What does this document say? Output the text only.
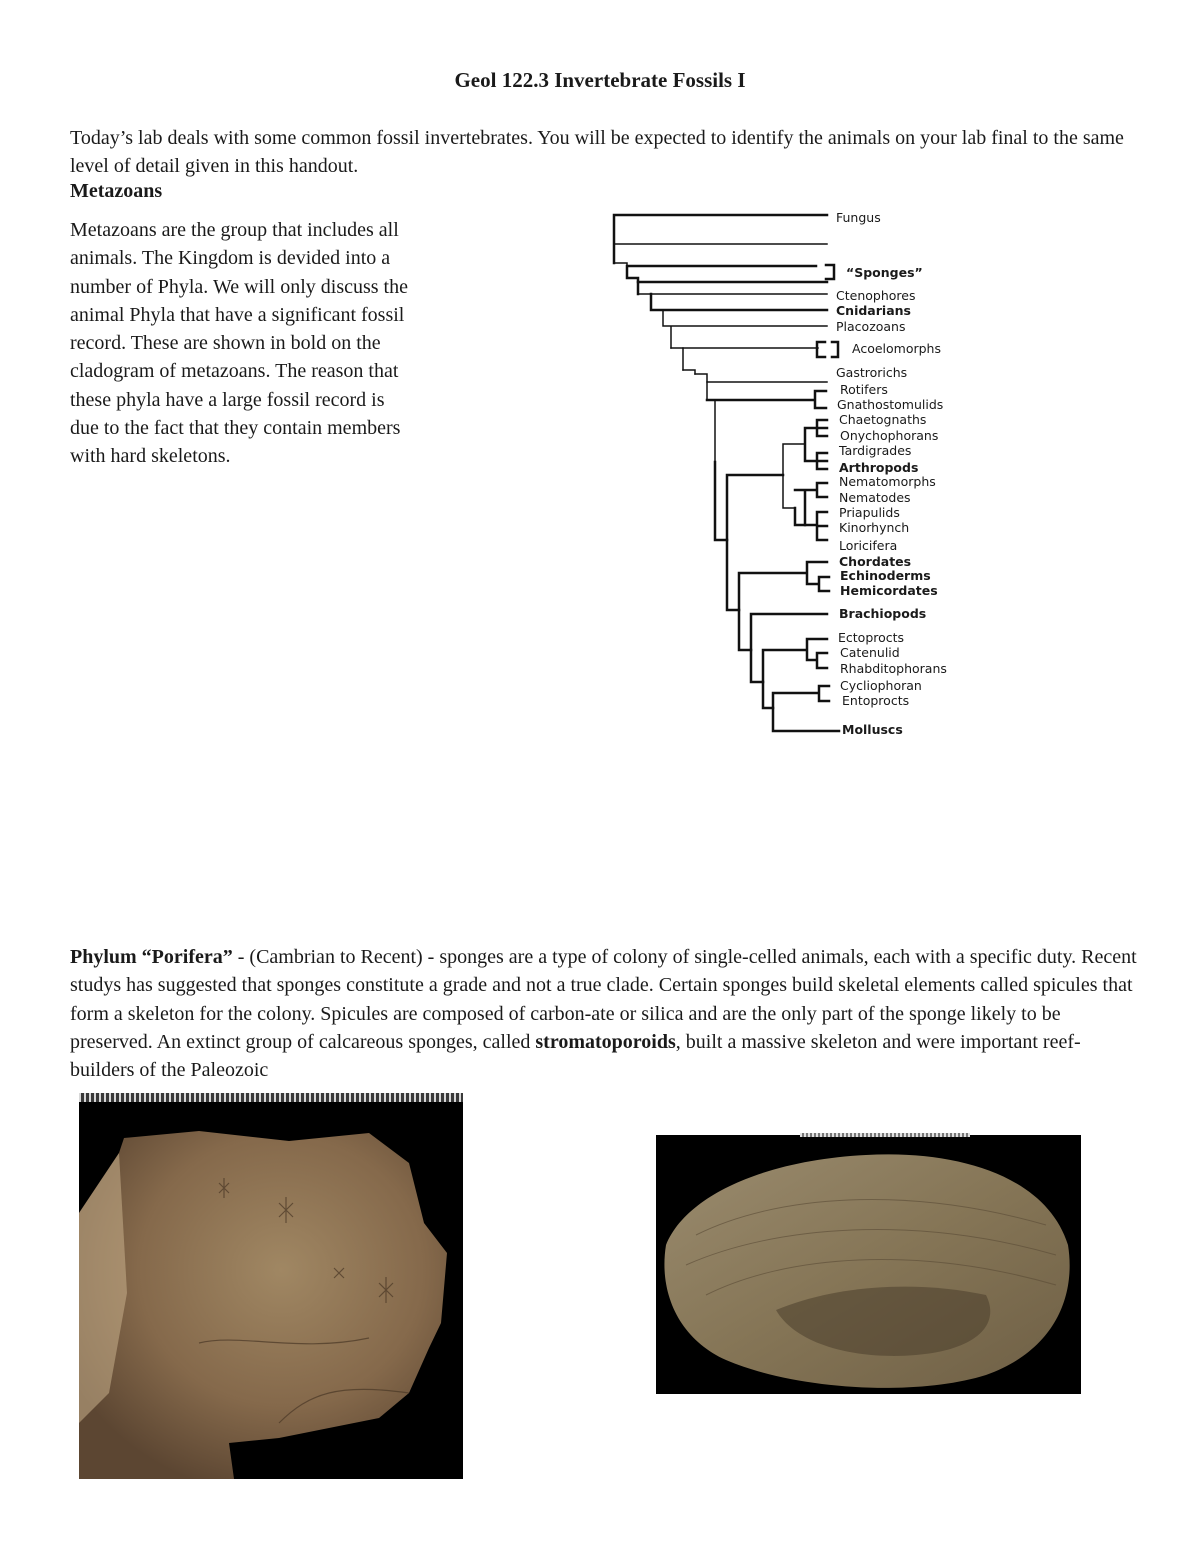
Geol 122.3 Invertebrate Fossils I
Today’s lab deals with some common fossil invertebrates. You will be expected to identify the animals on your lab final to the same level of detail given in this handout.
Metazoans
Metazoans are the group that includes all animals. The Kingdom is devided into a number of Phyla. We will only discuss the animal Phyla that have a significant fossil record. These are shown in bold on the cladogram of metazoans. The reason that these phyla have a large fossil record is due to the fact that they contain members with hard skeletons.
Fungus
“Sponges”
Ctenophores
Cnidarians
Placozoans
Acoelomorphs
Gastrorichs
Rotifers
Gnathostomulids
Chaetognaths
Onychophorans
Tardigrades
Arthropods
Nematomorphs
Nematodes
Priapulids
Kinorhynch
Loricifera
Chordates
Echinoderms
Hemicordates
Brachiopods
Ectoprocts
Catenulid
Rhabditophorans
Cycliophoran
Entoprocts
Molluscs
Phylum “Porifera” - (Cambrian to Recent) - sponges are a type of colony of single-celled animals, each with a specific duty. Recent studys has suggested that sponges constitute a grade and not a true clade. Certain sponges build skeletal elements called spicules that form a skeleton for the colony. Spicules are composed of carbon-ate or silica and are the only part of the sponge likely to be preserved. An extinct group of calcareous sponges, called stromatoporoids, built a massive skeleton and were important reef-builders of the Paleozoic
